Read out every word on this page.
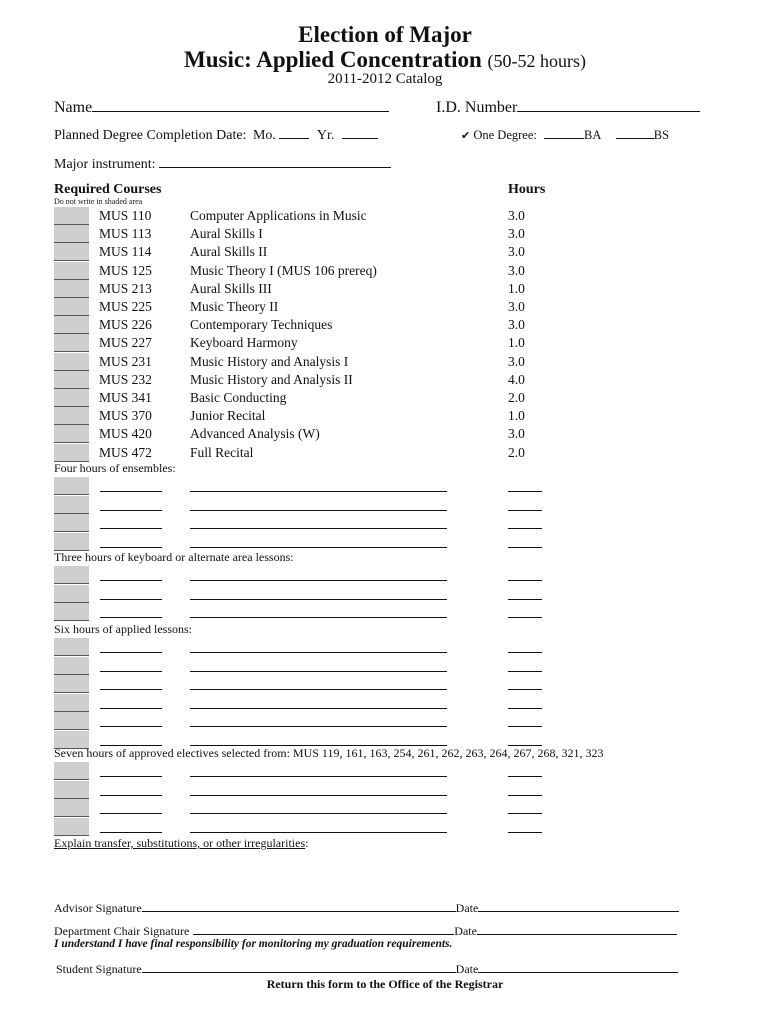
Election of Major
Music: Applied Concentration (50-52 hours)
2011-2012 Catalog
Name	I.D. Number
Planned Degree Completion Date: Mo.	Yr.	✔ One Degree:	BA	BS
Major instrument:
Required Courses
Do not write in shaded area
Hours
MUS 110	Computer Applications in Music	3.0
MUS 113	Aural Skills I	3.0
MUS 114	Aural Skills II	3.0
MUS 125	Music Theory I (MUS 106 prereq)	3.0
MUS 213	Aural Skills III	1.0
MUS 225	Music Theory II	3.0
MUS 226	Contemporary Techniques	3.0
MUS 227	Keyboard Harmony	1.0
MUS 231	Music History and Analysis I	3.0
MUS 232	Music History and Analysis II	4.0
MUS 341	Basic Conducting	2.0
MUS 370	Junior Recital	1.0
MUS 420	Advanced Analysis (W)	3.0
MUS 472	Full Recital	2.0
Four hours of ensembles:
Three hours of keyboard or alternate area lessons:
Six hours of applied lessons:
Seven hours of approved electives selected from: MUS 119, 161, 163, 254, 261, 262, 263, 264, 267, 268, 321, 323
Explain transfer, substitutions, or other irregularities:
Advisor Signature	Date
Department Chair Signature	Date
I understand I have final responsibility for monitoring my graduation requirements.
Student Signature	Date
Return this form to the Office of the Registrar
